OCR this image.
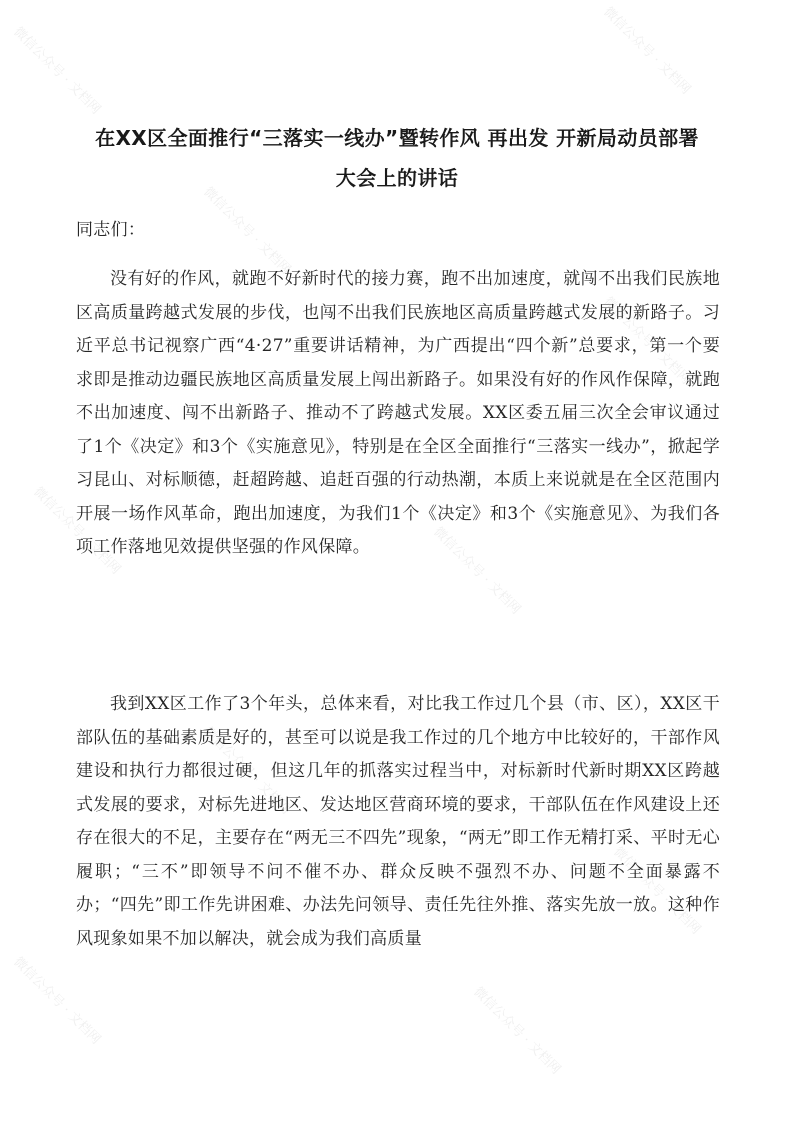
微信公众号 · 文档网	微信公众号 · 文档网
微信公众号 · 文档网
微信公众号 · 文档网
微信公众号 · 文档网	微信公众号 · 文档网
微信公众号 · 文档网
微信公众号 · 文档网
微信公众号 · 文档网	微信公众号 · 文档网
在XX区全面推行“三落实一线办”暨转作风 再出发 开新局动员部署
大会上的讲话
同志们：
没有好的作风，就跑不好新时代的接力赛，跑不出加速度，就闯不出我们民族地区高质量跨越式发展的步伐，也闯不出我们民族地区高质量跨越式发展的新路子。习近平总书记视察广西“4·27”重要讲话精神，为广西提出“四个新”总要求，第一个要求即是推动边疆民族地区高质量发展上闯出新路子。如果没有好的作风作保障，就跑不出加速度、闯不出新路子、推动不了跨越式发展。XX区委五届三次全会审议通过了1个《决定》和3个《实施意见》，特别是在全区全面推行“三落实一线办”，掀起学习昆山、对标顺德，赶超跨越、追赶百强的行动热潮，本质上来说就是在全区范围内开展一场作风革命，跑出加速度，为我们1个《决定》和3个《实施意见》、为我们各项工作落地见效提供坚强的作风保障。
我到XX区工作了3个年头，总体来看，对比我工作过几个县（市、区），XX区干部队伍的基础素质是好的，甚至可以说是我工作过的几个地方中比较好的，干部作风建设和执行力都很过硬，但这几年的抓落实过程当中，对标新时代新时期XX区跨越式发展的要求，对标先进地区、发达地区营商环境的要求，干部队伍在作风建设上还存在很大的不足，主要存在“两无三不四先”现象，“两无”即工作无精打采、平时无心履职；“三不”即领导不问不催不办、群众反映不强烈不办、问题不全面暴露不办；“四先”即工作先讲困难、办法先问领导、责任先往外推、落实先放一放。这种作风现象如果不加以解决，就会成为我们高质量
